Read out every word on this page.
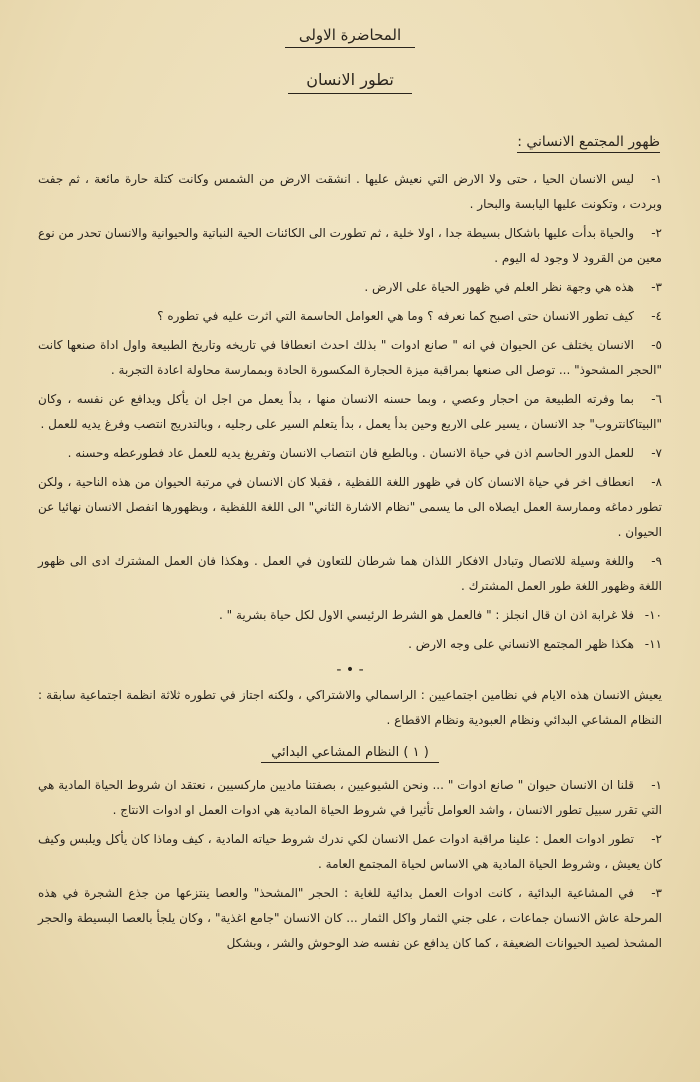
المحاضرة الاولى
تطور الانسان
ظهور المجتمع الانساني :
١-ليس الانسان الحيا ، حتى ولا الارض التي نعيش عليها . انشقت الارض من الشمس وكانت كتلة حارة مائعة ، ثم جفت وبردت ، وتكونت عليها اليابسة والبحار .
٢-والحياة بدأت عليها باشكال بسيطة جدا ، اولا خلية ، ثم تطورت الى الكائنات الحية النباتية والحيوانية والانسان تحدر من نوع معين من القرود لا وجود له اليوم .
٣-هذه هي وجهة نظر العلم في ظهور الحياة على الارض .
٤-كيف تطور الانسان حتى اصبح كما نعرفه ؟ وما هي العوامل الحاسمة التي اثرت عليه في تطوره ؟
٥-الانسان يختلف عن الحيوان في انه " صانع ادوات " بذلك احدث انعطافا في تاريخه وتاريخ الطبيعة واول اداة صنعها كانت "الحجر المشحوذ" ... توصل الى صنعها بمراقبة ميزة الحجارة المكسورة الحادة وبممارسة محاولة اعادة التجربة .
٦-بما وفرته الطبيعة من احجار وعصي ، وبما حسنه الانسان منها ، بدأ يعمل من اجل ان يأكل ويدافع عن نفسه ، وكان "البيتاكانتروب" جد الانسان ، يسير على الاربع وحين بدأ يعمل ، بدأ يتعلم السير على رجليه ، وبالتدريج انتصب وفرغ يديه للعمل .
٧-للعمل الدور الحاسم اذن في حياة الانسان . وبالطبع فان انتصاب الانسان وتفريغ يديه للعمل عاد فطورعطه وحسنه .
٨-انعطاف اخر في حياة الانسان كان في ظهور اللغة اللفظية ، فقبلا كان الانسان في مرتبة الحيوان من هذه الناحية ، ولكن تطور دماغه وممارسة العمل ايصلاه الى ما يسمى "نظام الاشارة الثاني" الى اللغة اللفظية ، وبظهورها انفصل الانسان نهائيا عن الحيوان .
٩-واللغة وسيلة للاتصال وتبادل الافكار اللذان هما شرطان للتعاون في العمل . وهكذا فان العمل المشترك ادى الى ظهور اللغة وظهور اللغة طور العمل المشترك .
١٠-فلا غرابة اذن ان قال انجلز : " فالعمل هو الشرط الرئيسي الاول لكل حياة بشرية " .
١١-هكذا ظهر المجتمع الانساني على وجه الارض .

- • -

يعيش الانسان هذه الايام في نظامين اجتماعيين : الراسمالي والاشتراكي ، ولكنه اجتاز في تطوره ثلاثة انظمة اجتماعية سابقة : النظام المشاعي البدائي ونظام العبودية ونظام الاقطاع .

( ١ ) النظام المشاعي البدائي
١-قلنا ان الانسان حيوان " صانع ادوات " ... ونحن الشيوعيين ، بصفتنا ماديين ماركسيين ، نعتقد ان شروط الحياة المادية هي التي تقرر سبيل تطور الانسان ، واشد العوامل تأثيرا في شروط الحياة المادية هي ادوات العمل او ادوات الانتاج .
٢-تطور ادوات العمل : علينا مراقبة ادوات عمل الانسان لكي ندرك شروط حياته المادية ، كيف وماذا كان يأكل ويلبس وكيف كان يعيش ، وشروط الحياة المادية هي الاساس لحياة المجتمع العامة .
٣-في المشاعية البدائية ، كانت ادوات العمل بدائية للغاية : الحجر "المشحذ" والعصا ينتزعها من جذع الشجرة في هذه المرحلة عاش الانسان جماعات ، على جني الثمار واكل الثمار ... كان الانسان "جامع اغذية" ، وكان يلجأ بالعصا البسيطة والحجر المشحذ لصيد الحيوانات الضعيفة ، كما كان يدافع عن نفسه ضد الوحوش والشر ، وبشكل
